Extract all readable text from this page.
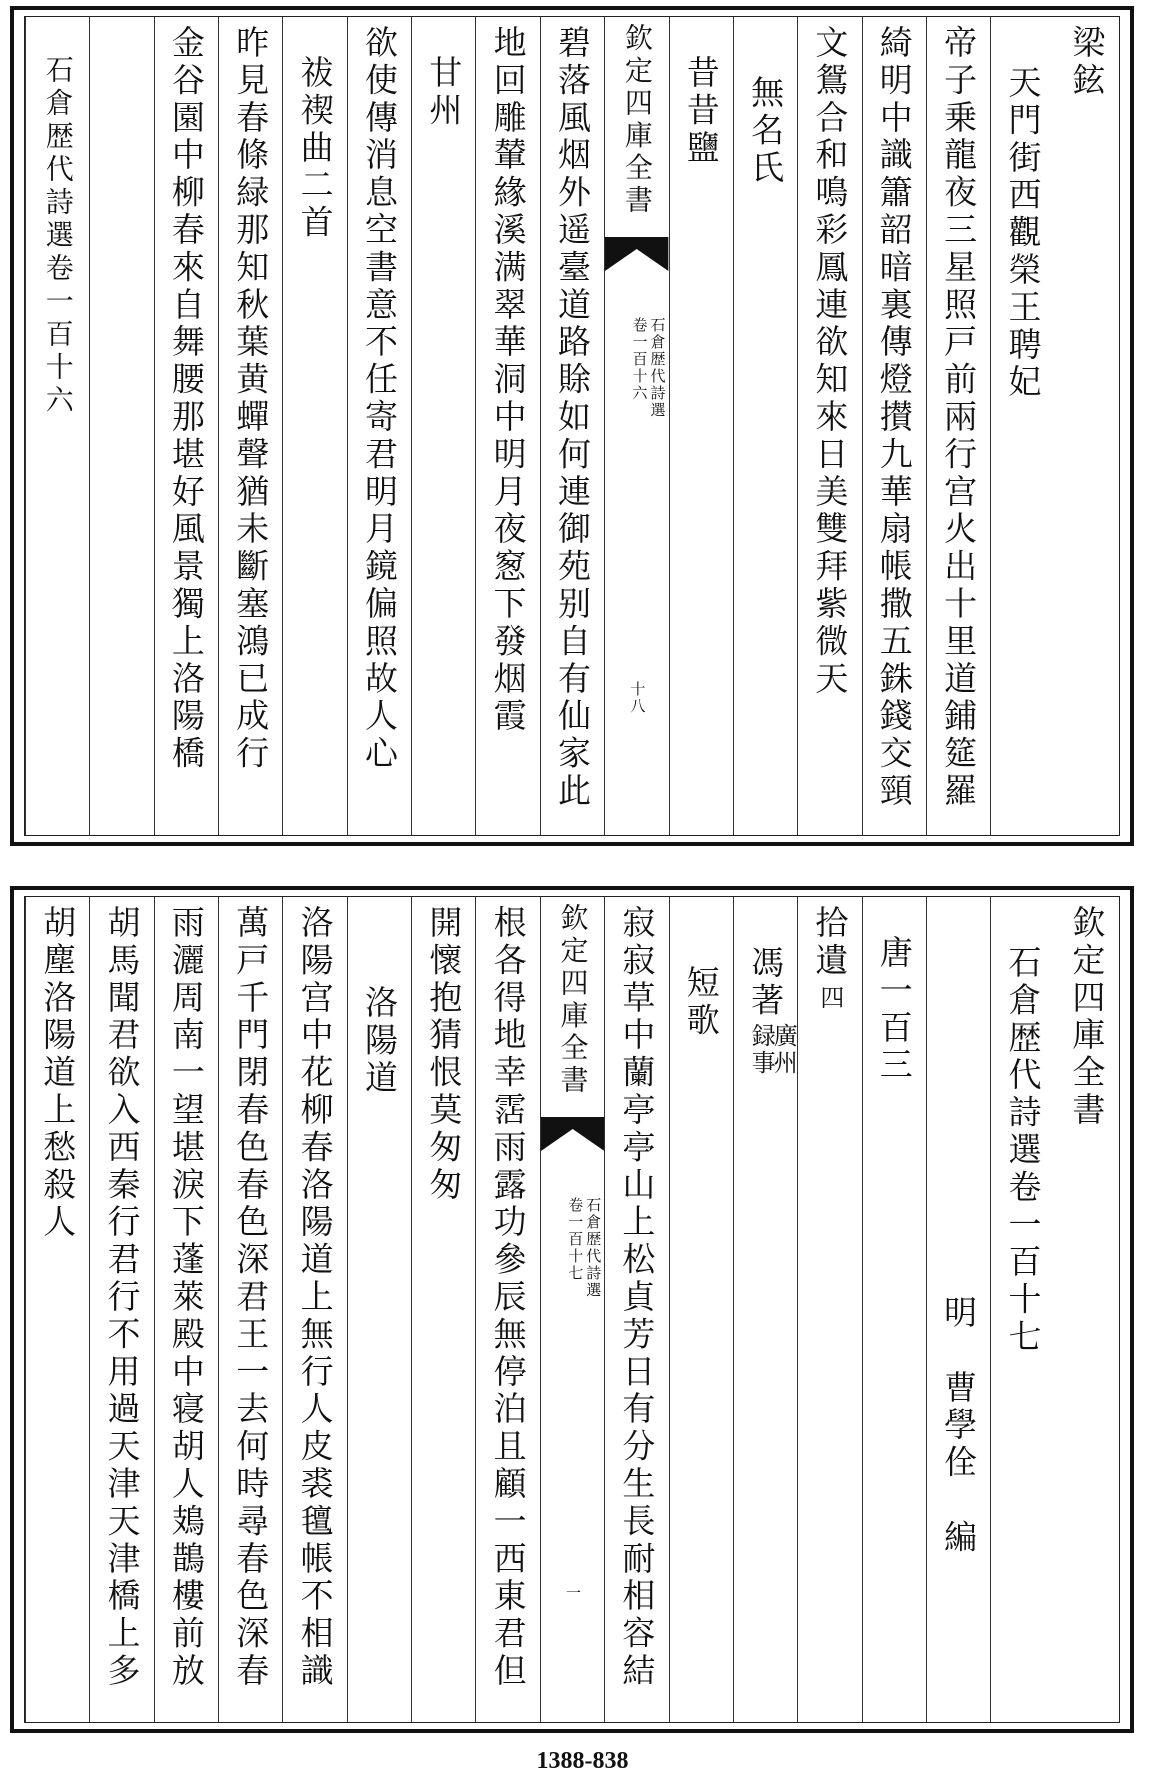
梁鉉
天門街西觀榮王聘妃
帝子乗龍夜三星照戸前兩行宫火出十里道鋪筵羅
綺明中識簫韶暗裏傳燈攅九華扇帳撒五銖錢交頸
文鴛合和鳴彩鳳連欲知來日美雙拜紫微天
無名氏
昔昔鹽
欽定四庫全書
石倉歴代詩選
卷一百十六
十八
碧落風烟外遥臺道路賖如何連御苑别自有仙家此
地回雕輦緣溪满翠華洞中明月夜䆫下發烟霞
甘州
欲使傳消息空書意不任寄君明月鏡偏照故人心
祓禊曲二首
昨見春條緑那知秋葉黄蟬聲猶未斷塞鴻已成行
金谷園中柳春來自舞腰那堪好風景獨上洛陽橋
石倉歴代詩選卷一百十六
欽定四庫全書
石倉歴代詩選卷一百十七
明　曹學佺　編
唐一百三
拾遺
四
馮著
廣州
録事
短歌
寂寂草中蘭亭亭山上松貞芳日有分生長耐相容結
欽定四庫全書
石倉歴代詩選
卷一百十七
一
根各得地幸霑雨露功參辰無停泊且顧一西東君但
開懷抱猜恨莫匆匆
洛陽道
洛陽宫中花柳春洛陽道上無行人皮裘氊帳不相識
萬戸千門閉春色春色深君王一去何時尋春色深春
雨灑周南一望堪淚下蓬萊殿中寝胡人鳷鵲樓前放
胡馬聞君欲入西秦行君行不用過天津天津橋上多
胡塵洛陽道上愁殺人
1388-838
